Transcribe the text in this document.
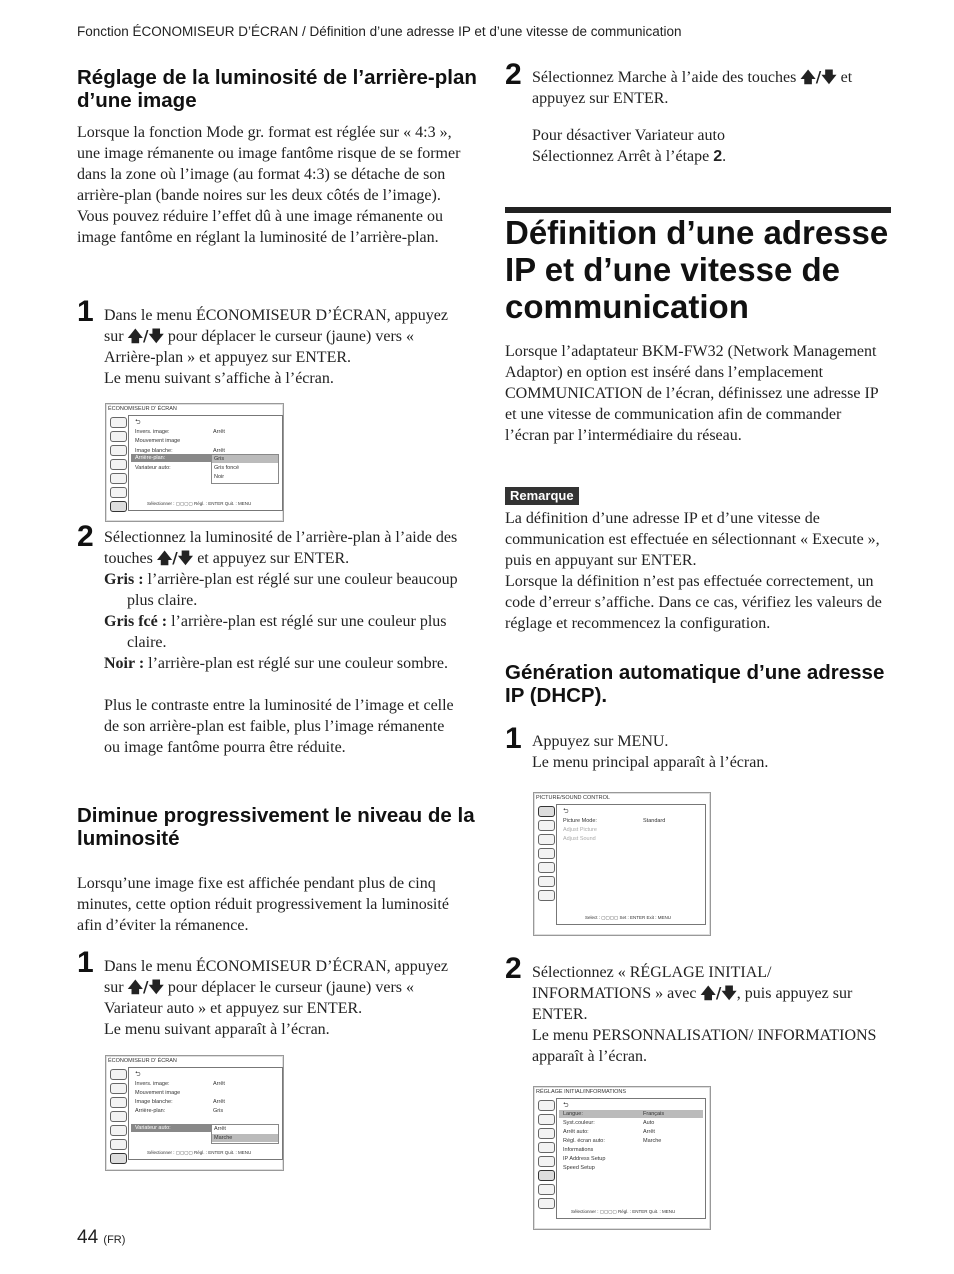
Fonction ÉCONOMISEUR D’ÉCRAN / Définition d’une adresse IP et d’une vitesse de communication
Réglage de la luminosité de l’arrière-plan d’une image
Lorsque la fonction Mode gr. format est réglée sur « 4:3 », une image rémanente ou image fantôme risque de se former dans la zone où l’image (au format 4:3) se détache de son arrière-plan (bande noires sur les deux côtés de l’image).
Vous pouvez réduire l’effet dû à une image rémanente ou image fantôme en réglant la luminosité de l’arrière-plan.
1 Dans le menu ÉCONOMISEUR D’ÉCRAN, appuyez sur 🡅/🡇 pour déplacer le curseur (jaune) vers « Arrière-plan » et appuyez sur ENTER.
Le menu suivant s’affiche à l’écran.
ÉCONOMISEUR D’ ÉCRAN
⮌
Invers. image:	Arrêt
Mouvement image
Image blanche:	Arrêt
Arrière-plan:
Variateur auto:
Gris
Gris foncé
Noir
Sélectionner : ▢▢▢▢ Régl. : ENTER Quit. : MENU
2 Sélectionnez la luminosité de l’arrière-plan à l’aide des touches 🡅/🡇 et appuyez sur ENTER.
Gris : l’arrière-plan est réglé sur une couleur beaucoup plus claire.
Gris fcé : l’arrière-plan est réglé sur une couleur plus claire.
Noir : l’arrière-plan est réglé sur une couleur sombre.
Plus le contraste entre la luminosité de l’image et celle de son arrière-plan est faible, plus l’image rémanente ou image fantôme pourra être réduite.
Diminue progressivement le niveau de la luminosité
Lorsqu’une image fixe est affichée pendant plus de cinq minutes, cette option réduit progressivement la luminosité afin d’éviter la rémanence.
1 Dans le menu ÉCONOMISEUR D’ÉCRAN, appuyez sur 🡅/🡇 pour déplacer le curseur (jaune) vers « Variateur auto » et appuyez sur ENTER.
Le menu suivant apparaît à l’écran.
ÉCONOMISEUR D’ ÉCRAN
⮌
Invers. image:	Arrêt
Mouvement image
Image blanche:	Arrêt
Arrière-plan:	Gris
Variateur auto:	Arrêt
Marche
Sélectionner : ▢▢▢▢ Régl. : ENTER Quit. : MENU
2 Sélectionnez Marche à l’aide des touches 🡅/🡇 et appuyez sur ENTER.
Pour désactiver Variateur auto
Sélectionnez Arrêt à l’étape 2.
Définition d’une adresse IP et d’une vitesse de communication
Lorsque l’adaptateur BKM-FW32 (Network Management Adaptor) en option est inséré dans l’emplacement COMMUNICATION de l’écran, définissez une adresse IP et une vitesse de communication afin de commander l’écran par l’intermédiaire du réseau.
Remarque
La définition d’une adresse IP et d’une vitesse de communication est effectuée en sélectionnant « Execute », puis en appuyant sur ENTER.
Lorsque la définition n’est pas effectuée correctement, un code d’erreur s’affiche. Dans ce cas, vérifiez les valeurs de réglage et recommencez la configuration.
Génération automatique d’une adresse IP (DHCP).
1 Appuyez sur MENU.
Le menu principal apparaît à l’écran.
PICTURE/SOUND CONTROL
⮌
Picture Mode:	Standard
Adjust Picture
Adjust Sound
Select : ▢▢▢▢ Set : ENTER Exit : MENU
2 Sélectionnez « RÉGLAGE INITIAL/ INFORMATIONS » avec 🡅/🡇, puis appuyez sur ENTER.
Le menu PERSONNALISATION/ INFORMATIONS apparaît à l’écran.
RÉGLAGE INITIAL/INFORMATIONS
⮌
Langue:	Français
Syst.couleur:	Auto
Arrêt auto:	Arrêt
Régl. écran auto:	Marche
Informations
IP Address Setup
Speed Setup
Sélectionner : ▢▢▢▢ Régl. : ENTER Quit. : MENU
44 (FR)
